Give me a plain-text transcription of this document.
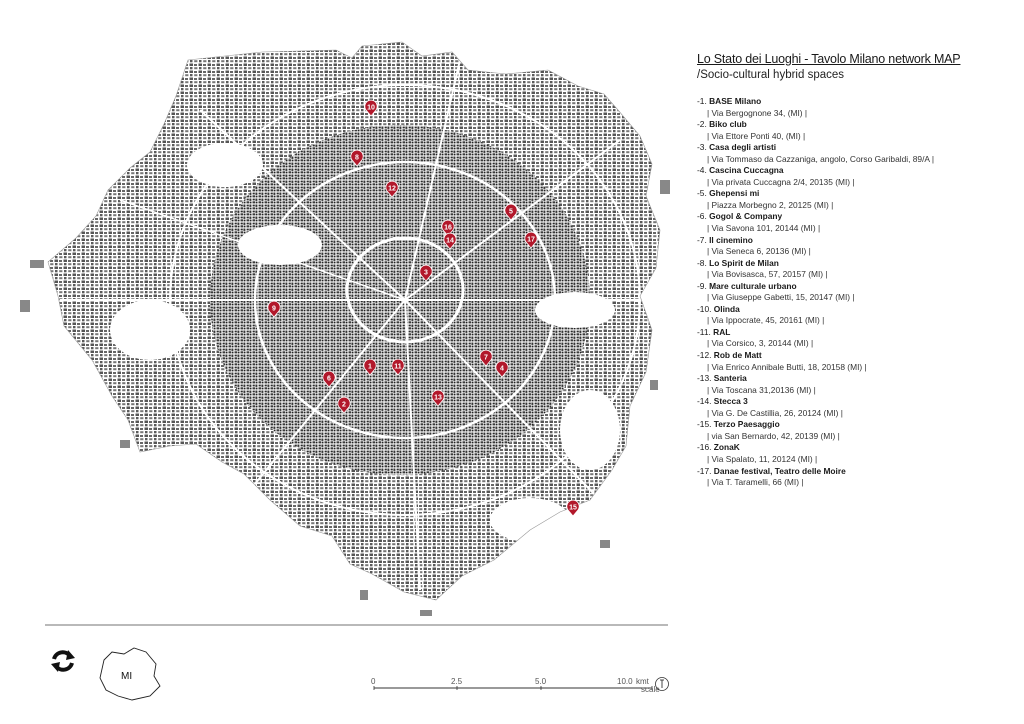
10
8
12
5
16
14	17
3
9
7
4
1	11
6
13
2
15
MI	0	2.5	5.0	10.0 kmt
scale
Lo Stato dei Luoghi - Tavolo Milano network MAP
/Socio-cultural hybrid spaces
-1. BASE Milano
| Via Bergognone 34, (MI) |
-2. Biko club
| Via Ettore Ponti 40, (MI) |
-3. Casa degli artisti
| Via Tommaso da Cazzaniga, angolo, Corso Garibaldi, 89/A |
-4. Cascina Cuccagna
| Via privata Cuccagna 2/4, 20135 (MI) |
-5. Ghepensi mi
| Piazza Morbegno 2, 20125 (MI) |
-6. Gogol & Company
| Via Savona 101, 20144 (MI) |
-7. Il cinemino
| Via Seneca 6, 20136 (MI) |
-8. Lo Spirit de Milan
| Via Bovisasca, 57, 20157 (MI) |
-9. Mare culturale urbano
| Via Giuseppe Gabetti, 15, 20147 (MI) |
-10. Olinda
| Via Ippocrate, 45, 20161 (MI) |
-11. RAL
| Via Corsico, 3, 20144 (MI) |
-12. Rob de Matt
| Via Enrico Annibale Butti, 18, 20158 (MI) |
-13. Santeria
| Via Toscana 31,20136 (MI) |
-14. Stecca 3
| Via G. De Castillia, 26, 20124 (MI) |
-15. Terzo Paesaggio
| via San Bernardo, 42, 20139 (MI) |
-16. ZonaK
| Via Spalato, 11, 20124 (MI) |
-17. Danae festival, Teatro delle Moire
| Via T. Taramelli, 66 (MI) |
